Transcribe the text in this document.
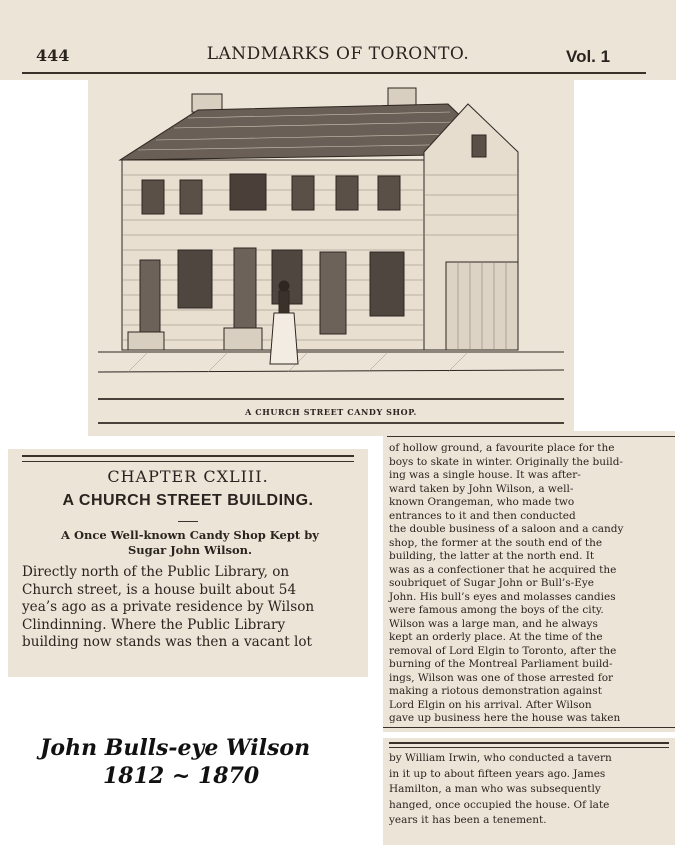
444	LANDMARKS OF TORONTO.	Vol. 1
A CHURCH STREET CANDY SHOP.
CHAPTER CXLIII.
A CHURCH STREET BUILDING.
A Once Well-known Candy Shop Kept by
Sugar John Wilson.
Directly north of the Public Library, on
Church street, is a house built about 54
yea’s ago as a private residence by Wilson
Clindinning. Where the Public Library
building now stands was then a vacant lot
of hollow ground, a favourite place for the
boys to skate in winter. Originally the build-
ing was a single house. It was after-
ward taken by John Wilson, a well-
known Orangeman, who made two
entrances to it and then conducted
the double business of a saloon and a candy
shop, the former at the south end of the
building, the latter at the north end. It
was as a confectioner that he acquired the
soubriquet of Sugar John or Bull’s-Eye
John. His bull’s eyes and molasses candies
were famous among the boys of the city.
Wilson was a large man, and he always
kept an orderly place. At the time of the
removal of Lord Elgin to Toronto, after the
burning of the Montreal Parliament build-
ings, Wilson was one of those arrested for
making a riotous demonstration against
Lord Elgin on his arrival. After Wilson
gave up business here the house was taken
by William Irwin, who conducted a tavern
in it up to about fifteen years ago. James
Hamilton, a man who was subsequently
hanged, once occupied the house. Of late
years it has been a tenement.
John Bulls-eye Wilson
1812 ~ 1870
